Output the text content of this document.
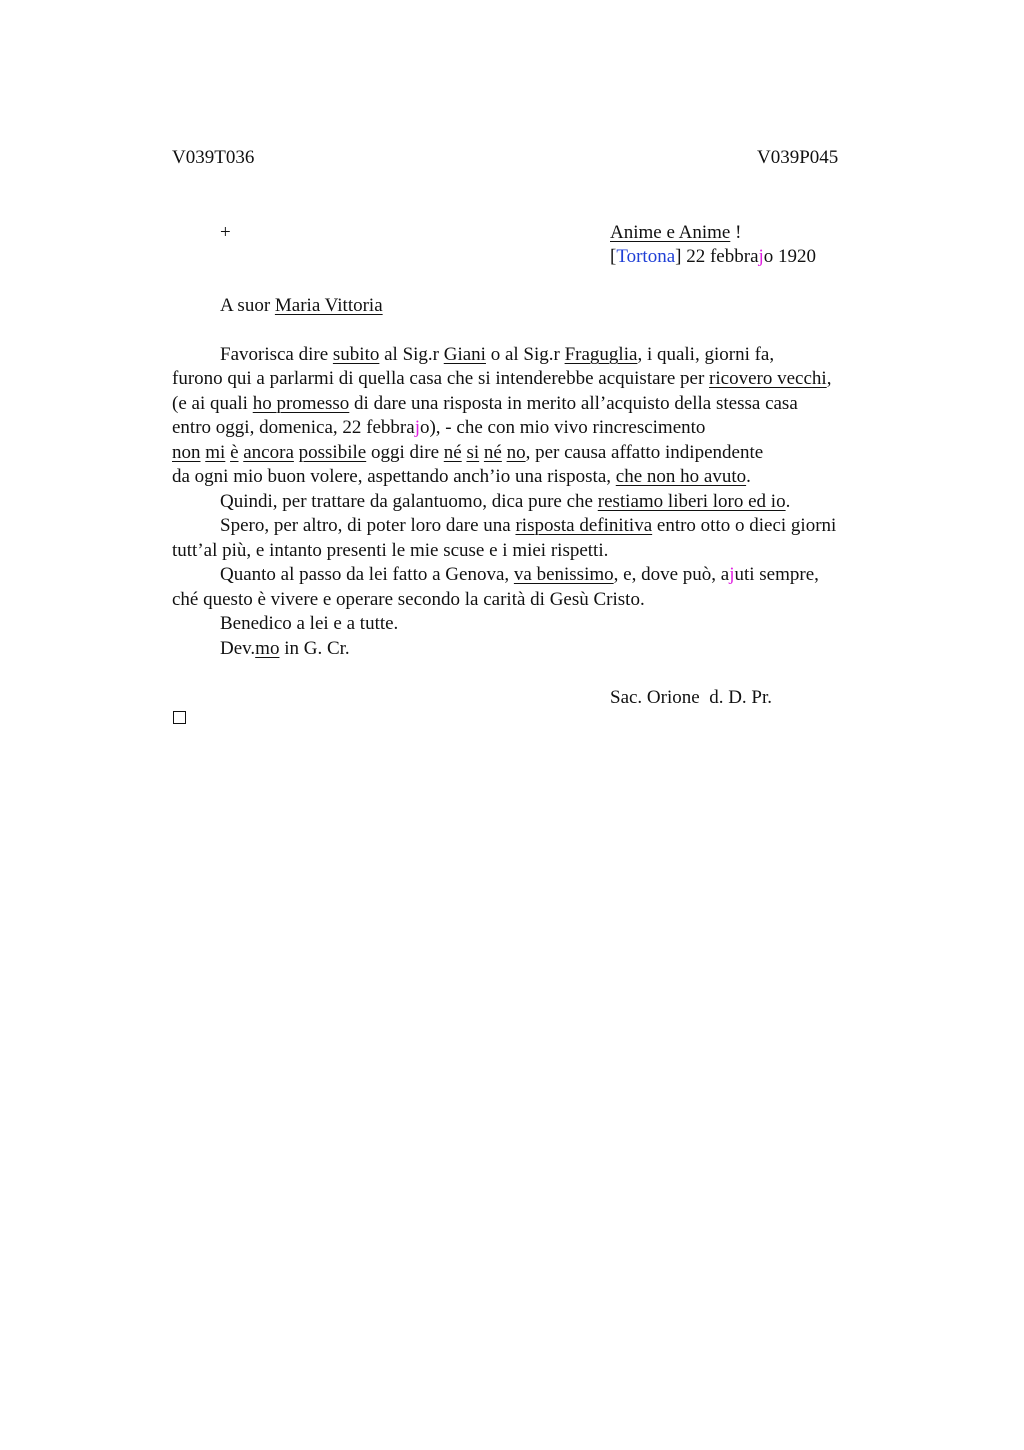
V039T036	V039P045
+	Anime e Anime !
[Tortona] 22 febbrajo 1920
A suor Maria Vittoria
Favorisca dire subito al Sig.r Giani o al Sig.r Fraguglia, i quali, giorni fa,
furono qui a parlarmi di quella casa che si intenderebbe acquistare per ricovero vecchi,
(e ai quali ho promesso di dare una risposta in merito all’acquisto della stessa casa
entro oggi, domenica, 22 febbrajo), - che con mio vivo rincrescimento
non mi è ancora possibile oggi dire né si né no, per causa affatto indipendente
da ogni mio buon volere, aspettando anch’io una risposta, che non ho avuto.
Quindi, per trattare da galantuomo, dica pure che restiamo liberi loro ed io.
Spero, per altro, di poter loro dare una risposta definitiva entro otto o dieci giorni
tutt’al più, e intanto presenti le mie scuse e i miei rispetti.
Quanto al passo da lei fatto a Genova, va benissimo, e, dove può, ajuti sempre,
ché questo è vivere e operare secondo la carità di Gesù Cristo.
Benedico a lei e a tutte.
Dev.mo in G. Cr.
Sac. Orione  d. D. Pr.
